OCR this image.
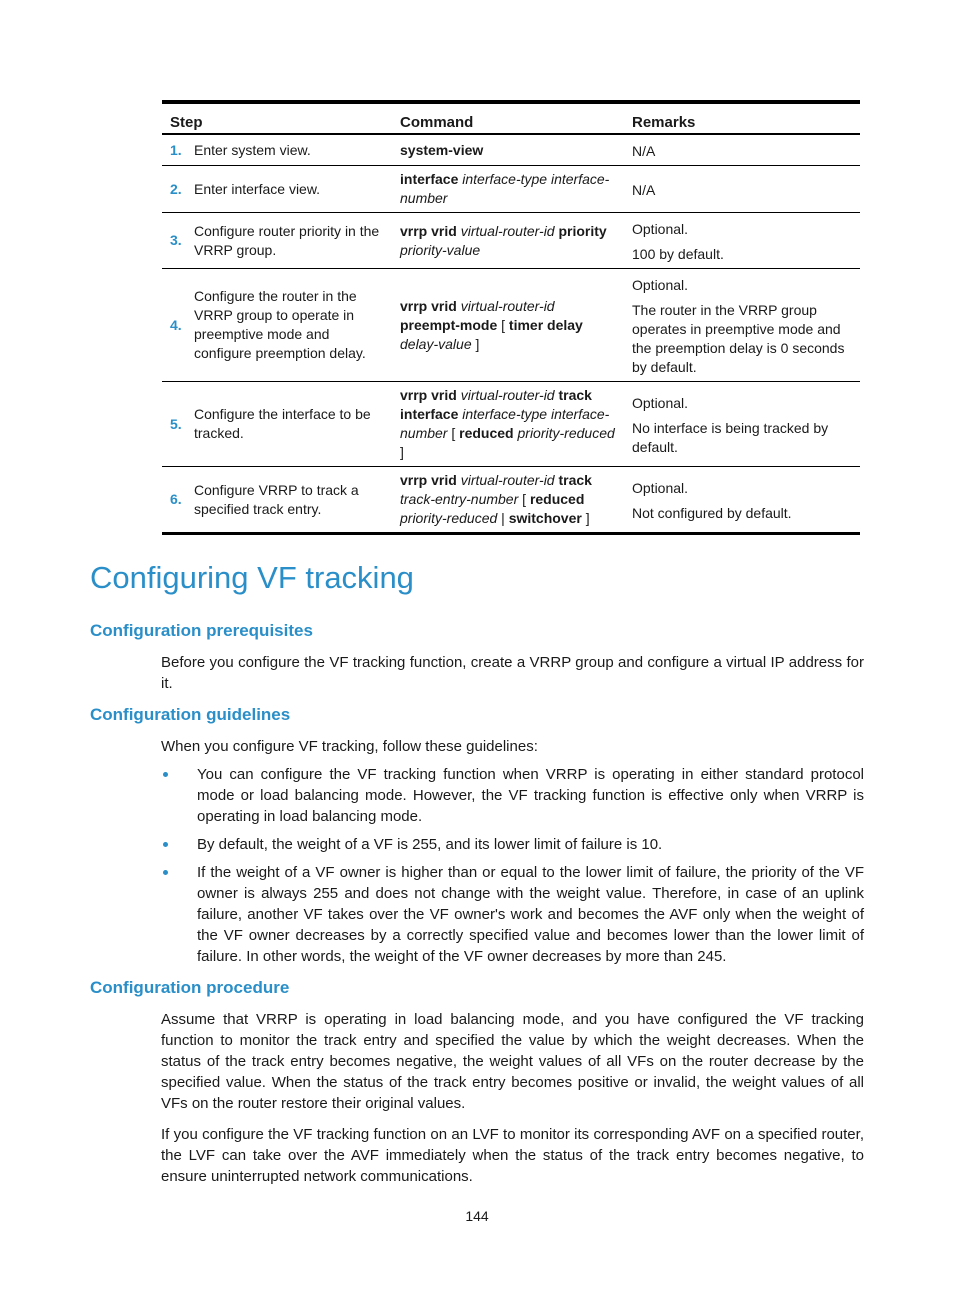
Step		Command	Remarks
1.	Enter system view.	system-view	N/A

2.	Enter interface view.	interface interface-type interface-number	N/A

3.	Configure router priority in the VRRP group.	vrrp vrid virtual-router-id priority priority-value	Optional.

100 by default.

4.	Configure the router in the VRRP group to operate in preemptive mode and configure preemption delay.	vrrp vrid virtual-router-id preempt-mode [ timer delay delay-value ]	Optional.

The router in the VRRP group operates in preemptive mode and the preemption delay is 0 seconds by default.

5.	Configure the interface to be tracked.	vrrp vrid virtual-router-id track interface interface-type interface-number [ reduced priority-reduced ]	Optional.

No interface is being tracked by default.

6.	Configure VRRP to track a specified track entry.	vrrp vrid virtual-router-id track track-entry-number [ reduced priority-reduced | switchover ]	Optional.

Not configured by default.

Configuring VF tracking
Configuration prerequisites

Before you configure the VF tracking function, create a VRRP group and configure a virtual IP address for it.

Configuration guidelines

When you configure VF tracking, follow these guidelines:

You can configure the VF tracking function when VRRP is operating in either standard protocol mode or load balancing mode. However, the VF tracking function is effective only when VRRP is operating in load balancing mode.
By default, the weight of a VF is 255, and its lower limit of failure is 10.
If the weight of a VF owner is higher than or equal to the lower limit of failure, the priority of the VF owner is always 255 and does not change with the weight value. Therefore, in case of an uplink failure, another VF takes over the VF owner's work and becomes the AVF only when the weight of the VF owner decreases by a correctly specified value and becomes lower than the lower limit of failure. In other words, the weight of the VF owner decreases by more than 245.
Configuration procedure

Assume that VRRP is operating in load balancing mode, and you have configured the VF tracking function to monitor the track entry and specified the value by which the weight decreases. When the status of the track entry becomes negative, the weight values of all VFs on the router decrease by the specified value. When the status of the track entry becomes positive or invalid, the weight values of all VFs on the router restore their original values.

If you configure the VF tracking function on an LVF to monitor its corresponding AVF on a specified router, the LVF can take over the AVF immediately when the status of the track entry becomes negative, to ensure uninterrupted network communications.

144
